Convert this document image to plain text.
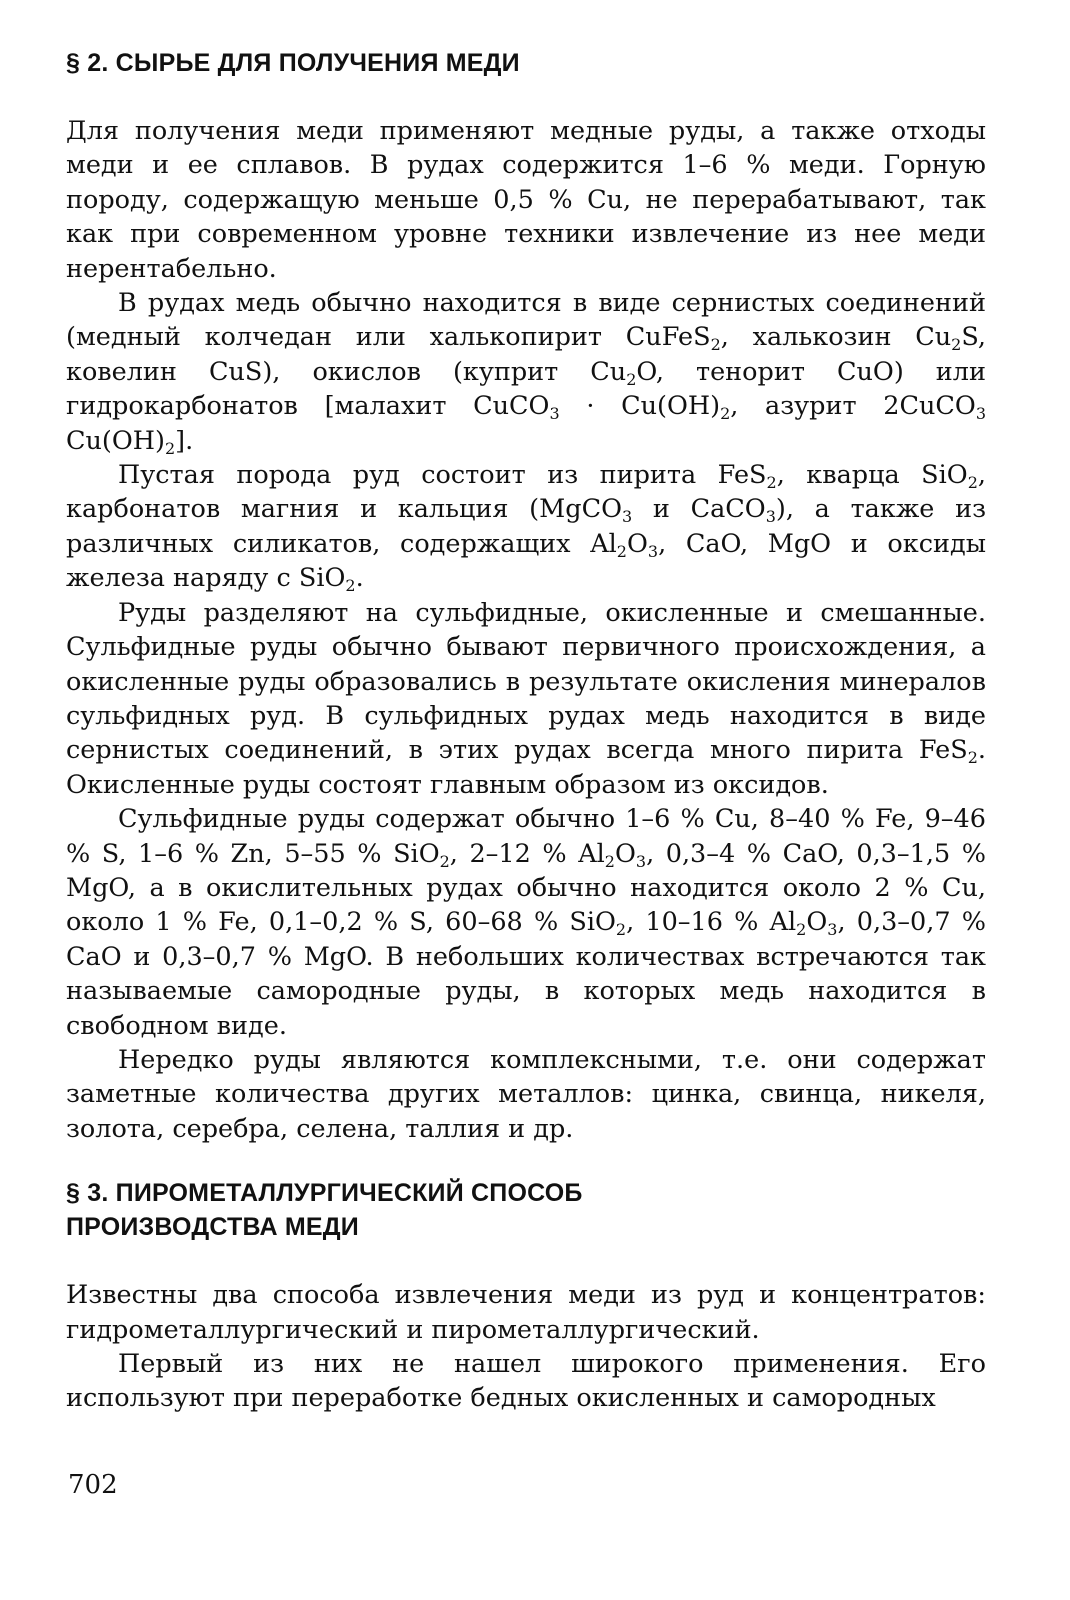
§ 2. СЫРЬЕ ДЛЯ ПОЛУЧЕНИЯ МЕДИ

Для получения меди применяют медные руды, а также отходы меди и ее сплавов. В рудах содержится 1–6 % меди. Горную породу, содержащую меньше 0,5 % Cu, не перерабатывают, так как при современном уровне техники извлечение из нее меди нерентабельно.

В рудах медь обычно находится в виде сернистых соединений (медный колчедан или халькопирит CuFeS$_2$, халькозин $Cu_2S$, ковелин CuS), окислов (куприт $Cu_2O$, тенорит CuO) или гидрокарбонатов [малахит CuCO$_3$ · $Cu(OH)_2$, азурит 2CuCO$_3$ $Cu(OH)_2$].

Пустая порода руд состоит из пирита FeS$_2$, кварца SiO$_2$, карбонатов магния и кальция (MgCO$_3$ и CaCO$_3$), а также из различных силикатов, содержащих $Al_2O_3$, CaO, MgO и оксиды железа наряду с SiO$_2$.

Руды разделяют на сульфидные, окисленные и смешанные. Сульфидные руды обычно бывают первичного происхождения, а окисленные руды образовались в результате окисления минералов сульфидных руд. В сульфидных рудах медь находится в виде сернистых соединений, в этих рудах всегда много пирита FeS$_2$. Окисленные руды состоят главным образом из оксидов.

Сульфидные руды содержат обычно 1–6 % Cu, 8–40 % Fe, 9–46 % S, 1–6 % Zn, 5–55 % SiO$_2$, 2–12 % $Al_2O_3$, 0,3–4 % CaO, 0,3–1,5 % MgO, а в окислительных рудах обычно находится около 2 % Cu, около 1 % Fe, 0,1–0,2 % S, 60–68 % SiO$_2$, 10–16 % $Al_2O_3$, 0,3–0,7 % CaO и 0,3–0,7 % MgO. В небольших количествах встречаются так называемые самородные руды, в которых медь находится в свободном виде.

Нередко руды являются комплексными, т.е. они содержат заметные количества других металлов: цинка, свинца, никеля, золота, серебра, селена, таллия и др.

§ 3. ПИРОМЕТАЛЛУРГИЧЕСКИЙ СПОСОБ
ПРОИЗВОДСТВА МЕДИ

Известны два способа извлечения меди из руд и концентратов: гидрометаллургический и пирометаллургический.

Первый из них не нашел широкого применения. Его используют при переработке бедных окисленных и самородных

702
